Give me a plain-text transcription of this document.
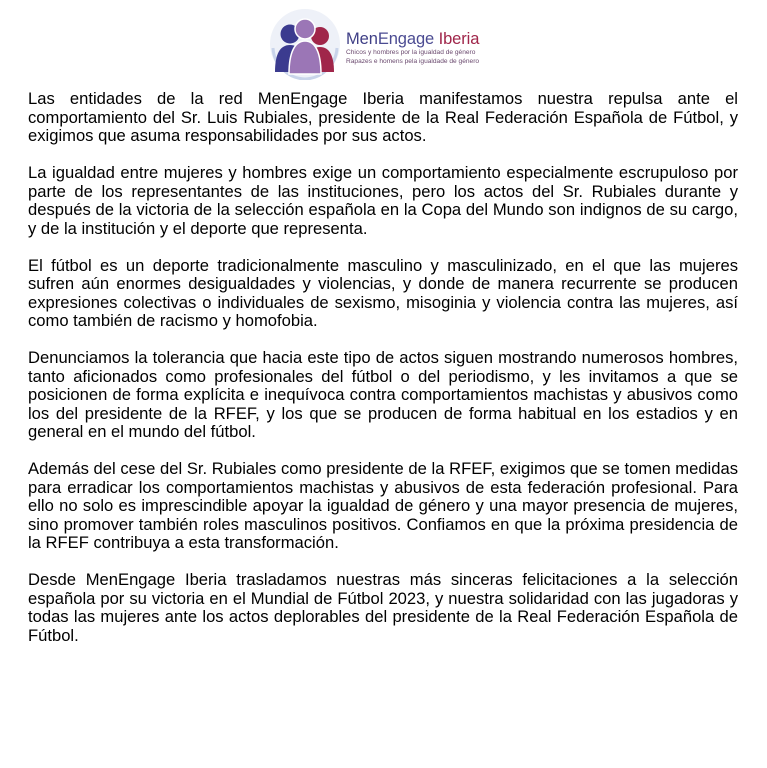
MenEngage Iberia
Chicos y hombres por la igualdad de género
Rapazes e homens pela igualdade de género

Las entidades de la red MenEngage Iberia manifestamos nuestra repulsa ante el comportamiento del Sr. Luis Rubiales, presidente de la Real Federación Española de Fútbol, y exigimos que asuma responsabilidades por sus actos.

La igualdad entre mujeres y hombres exige un comportamiento especialmente escrupuloso por parte de los representantes de las instituciones, pero los actos del Sr. Rubiales durante y después de la victoria de la selección española en la Copa del Mundo son indignos de su cargo, y de la institución y el deporte que representa.

El fútbol es un deporte tradicionalmente masculino y masculinizado, en el que las mujeres sufren aún enormes desigualdades y violencias, y donde de manera recurrente se producen expresiones colectivas o individuales de sexismo, misoginia y violencia contra las mujeres, así como también de racismo y homofobia.

Denunciamos la tolerancia que hacia este tipo de actos siguen mostrando numerosos hombres, tanto aficionados como profesionales del fútbol o del periodismo, y les invitamos a que se posicionen de forma explícita e inequívoca contra comportamientos machistas y abusivos como los del presidente de la RFEF, y los que se producen de forma habitual en los estadios y en general en el mundo del fútbol.

Además del cese del Sr. Rubiales como presidente de la RFEF, exigimos que se tomen medidas para erradicar los comportamientos machistas y abusivos de esta federación profesional. Para ello no solo es imprescindible apoyar la igualdad de género y una mayor presencia de mujeres, sino promover también roles masculinos positivos. Confiamos en que la próxima presidencia de la RFEF contribuya a esta transformación.

Desde MenEngage Iberia trasladamos nuestras más sinceras felicitaciones a la selección española por su victoria en el Mundial de Fútbol 2023, y nuestra solidaridad con las jugadoras y todas las mujeres ante los actos deplorables del presidente de la Real Federación Española de Fútbol.
